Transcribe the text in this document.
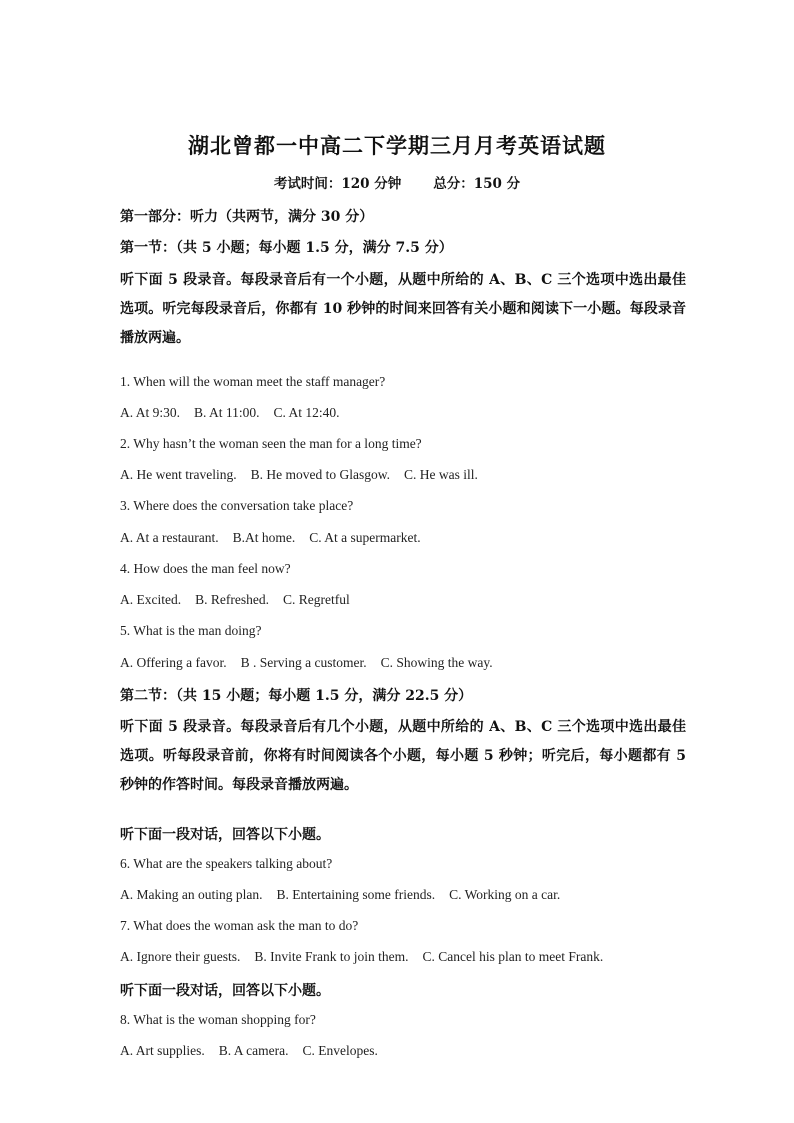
湖北曾都一中高二下学期三月月考英语试题
考试时间：120 分钟 总分：150 分
第一部分：听力（共两节，满分 30 分）
第一节：（共 5 小题；每小题 1.5 分，满分 7.5 分）
听下面 5 段录音。每段录音后有一个小题，从题中所给的 A、B、C 三个选项中选出最佳选项。听完每段录音后，你都有 10 秒钟的时间来回答有关小题和阅读下一小题。每段录音播放两遍。
1. When will the woman meet the staff manager?
A. At 9:30. B. At 11:00. C. At 12:40.
2. Why hasn’t the woman seen the man for a long time?
A. He went traveling. B. He moved to Glasgow. C. He was ill.
3. Where does the conversation take place?
A. At a restaurant. B.At home. C. At a supermarket.
4. How does the man feel now?
A. Excited. B. Refreshed. C. Regretful
5. What is the man doing?
A. Offering a favor. B . Serving a customer. C. Showing the way.
第二节：（共 15 小题；每小题 1.5 分，满分 22.5 分）
听下面 5 段录音。每段录音后有几个小题，从题中所给的 A、B、C 三个选项中选出最佳选项。听每段录音前，你将有时间阅读各个小题，每小题 5 秒钟；听完后，每小题都有 5 秒钟的作答时间。每段录音播放两遍。
听下面一段对话，回答以下小题。
6. What are the speakers talking about?
A. Making an outing plan. B. Entertaining some friends. C. Working on a car.
7. What does the woman ask the man to do?
A. Ignore their guests. B. Invite Frank to join them. C. Cancel his plan to meet Frank.
听下面一段对话，回答以下小题。
8. What is the woman shopping for?
A. Art supplies. B. A camera. C. Envelopes.
